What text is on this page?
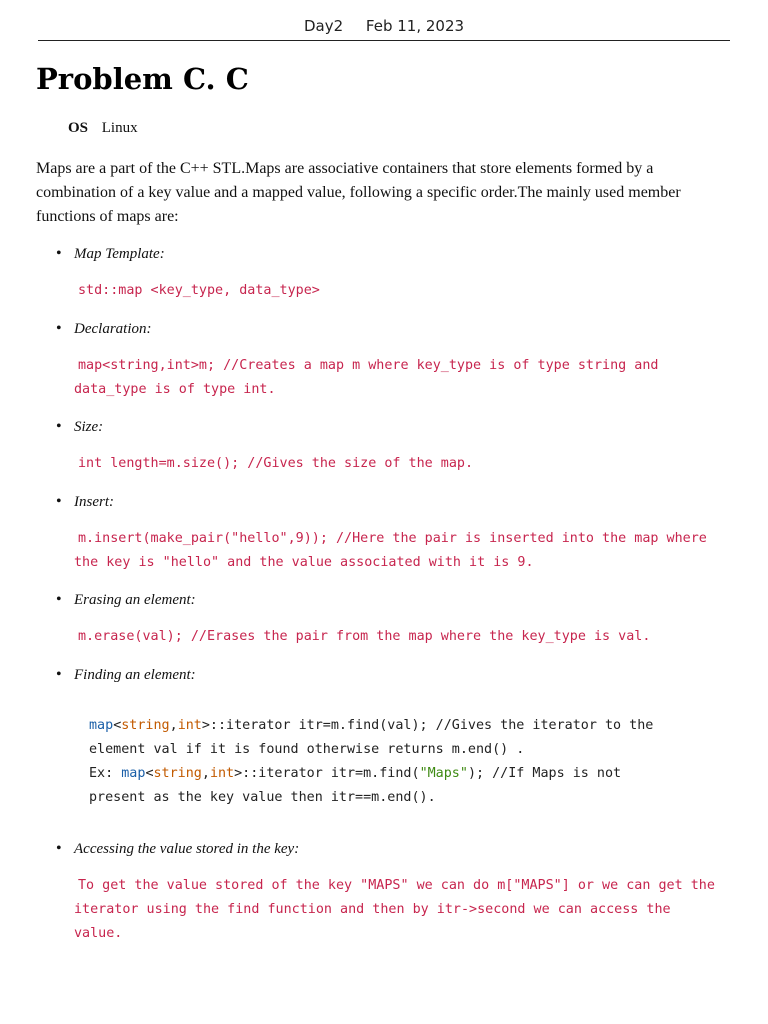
Day2 Feb 11, 2023
Problem C. C
OS Linux

Maps are a part of the C++ STL.Maps are associative containers that store elements formed by a combination of a key value and a mapped value, following a specific order.The mainly used member functions of maps are:

• Map Template:

std::map <key_type, data_type>

• Declaration:

map<string,int>m; //Creates a map m where key_type is of type string and data_type is of type int.

• Size:

int length=m.size(); //Gives the size of the map.

• Insert:

m.insert(make_pair("hello",9)); //Here the pair is inserted into the map where the key is "hello" and the value associated with it is 9.

• Erasing an element:

m.erase(val); //Erases the pair from the map where the key_type is val.

• Finding an element:
map<string,int>::iterator itr=m.find(val); //Gives the iterator to the
element val if it is found otherwise returns m.end() .
Ex: map<string,int>::iterator itr=m.find("Maps"); //If Maps is not
present as the key value then itr==m.end().
• Accessing the value stored in the key:

To get the value stored of the key "MAPS" we can do m["MAPS"] or we can get the iterator using the find function and then by itr->second we can access the value.
